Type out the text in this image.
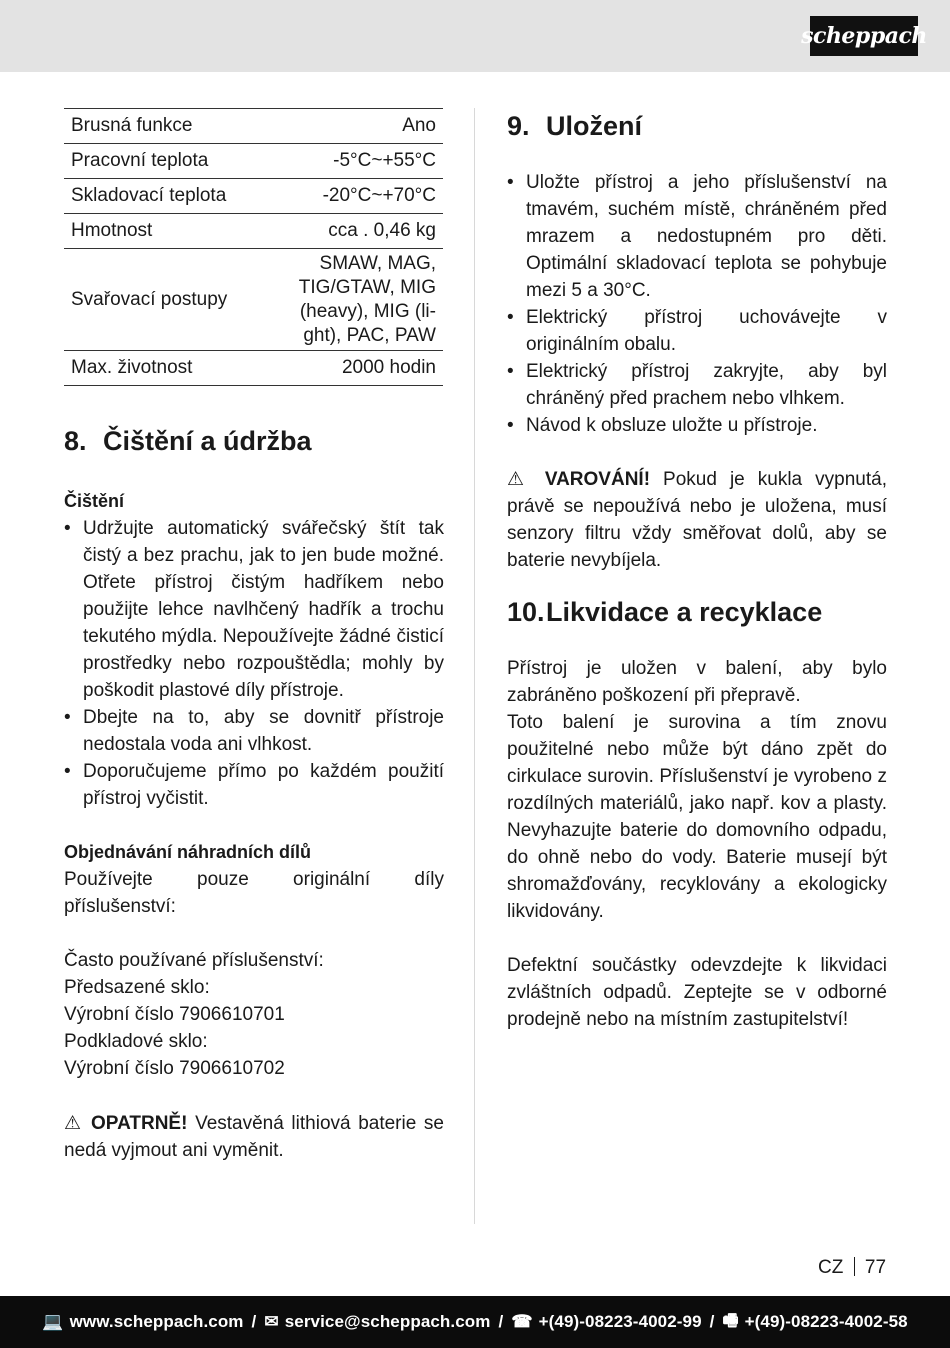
scheppach
Brusná funkce	Ano
Pracovní teplota	-5°C~+55°C
Skladovací teplota	-20°C~+70°C
Hmotnost	cca . 0,46 kg
Svařovací postupy	SMAW, MAG,
TIG/GTAW, MIG
(heavy), MIG (li-
ght), PAC, PAW

Max. životnost	2000 hodin
8. Čištění a údržba
Čištění
• Udržujte automatický svářečský štít tak čistý a bez prachu, jak to jen bude možné. Otřete přístroj čistým hadříkem nebo použijte lehce navlhčený hadřík a trochu tekutého mýdla. Nepoužívejte žádné čisticí prostředky nebo rozpouštědla; mohly by poškodit plastové díly přístroje.
• Dbejte na to, aby se dovnitř přístroje nedostala voda ani vlhkost.
• Doporučujeme přímo po každém použití přístroj vyčistit.
Objednávání náhradních dílů
Používejte pouze originální díly příslušenství:
Často používané příslušenství:
Předsazené sklo:
Výrobní číslo 7906610701
Podkladové sklo:
Výrobní číslo 7906610702
⚠ OPATRNĚ! Vestavěná lithiová baterie se nedá vyjmout ani vyměnit.
9. Uložení
• Uložte přístroj a jeho příslušenství na tmavém, suchém místě, chráněném před mrazem a nedostupném pro děti. Optimální skladovací teplota se pohybuje mezi 5 a 30°C.
• Elektrický přístroj uchovávejte v originálním obalu.
• Elektrický přístroj zakryjte, aby byl chráněný před prachem nebo vlhkem.
• Návod k obsluze uložte u přístroje.
⚠ VAROVÁNÍ! Pokud je kukla vypnutá, právě se nepoužívá nebo je uložena, musí senzory filtru vždy směřovat dolů, aby se baterie nevybíjela.
10. Likvidace a recyklace
Přístroj je uložen v balení, aby bylo zabráněno poškození při přepravě.
Toto balení je surovina a tím znovu použitelné nebo může být dáno zpět do cirkulace surovin. Příslušenství je vyrobeno z rozdílných materiálů, jako např. kov a plasty. Nevyhazujte baterie do domovního odpadu, do ohně nebo do vody. Baterie musejí být shromažďovány, recyklovány a ekologicky likvidovány.
Defektní součástky odevzdejte k likvidaci zvláštních odpadů. Zeptejte se v odborné prodejně nebo na místním zastupitelství!
CZ 77
💻 www.scheppach.com / ✉ service@scheppach.com / ☎ +(49)-08223-4002-99 / 🖷 +(49)-08223-4002-58
